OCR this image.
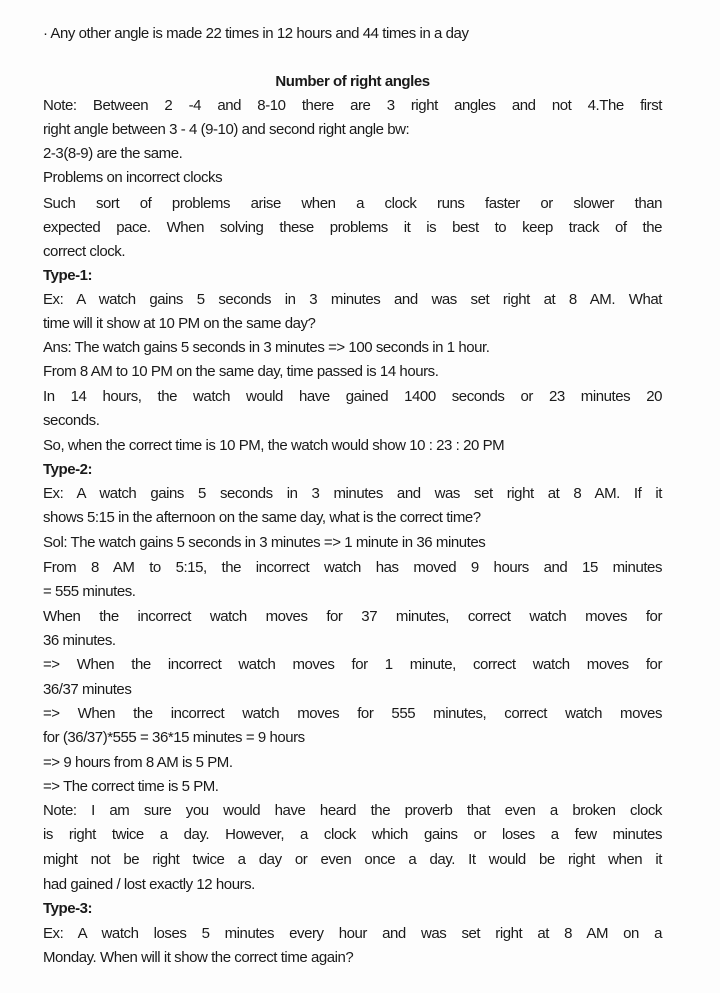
· Any other angle is made 22 times in 12 hours and 44 times in a day
Number of right angles
Note: Between 2 -4 and 8-10 there are 3 right angles and not 4.The first
right angle between 3 - 4 (9-10) and second right angle bw:
2-3(8-9) are the same.
Problems on incorrect clocks
Such sort of problems arise when a clock runs faster or slower than
expected pace. When solving these problems it is best to keep track of the
correct clock.
Type-1:
Ex: A watch gains 5 seconds in 3 minutes and was set right at 8 AM. What
time will it show at 10 PM on the same day?
Ans: The watch gains 5 seconds in 3 minutes => 100 seconds in 1 hour.
From 8 AM to 10 PM on the same day, time passed is 14 hours.
In 14 hours, the watch would have gained 1400 seconds or 23 minutes 20
seconds.
So, when the correct time is 10 PM, the watch would show 10 : 23 : 20 PM
Type-2:
Ex: A watch gains 5 seconds in 3 minutes and was set right at 8 AM. If it
shows 5:15 in the afternoon on the same day, what is the correct time?
Sol: The watch gains 5 seconds in 3 minutes => 1 minute in 36 minutes
From 8 AM to 5:15, the incorrect watch has moved 9 hours and 15 minutes
= 555 minutes.
When the incorrect watch moves for 37 minutes, correct watch moves for
36 minutes.
=> When the incorrect watch moves for 1 minute, correct watch moves for
36/37 minutes
=> When the incorrect watch moves for 555 minutes, correct watch moves
for (36/37)*555 = 36*15 minutes = 9 hours
=> 9 hours from 8 AM is 5 PM.
=> The correct time is 5 PM.
Note: I am sure you would have heard the proverb that even a broken clock
is right twice a day. However, a clock which gains or loses a few minutes
might not be right twice a day or even once a day. It would be right when it
had gained / lost exactly 12 hours.
Type-3:
Ex: A watch loses 5 minutes every hour and was set right at 8 AM on a
Monday. When will it show the correct time again?
